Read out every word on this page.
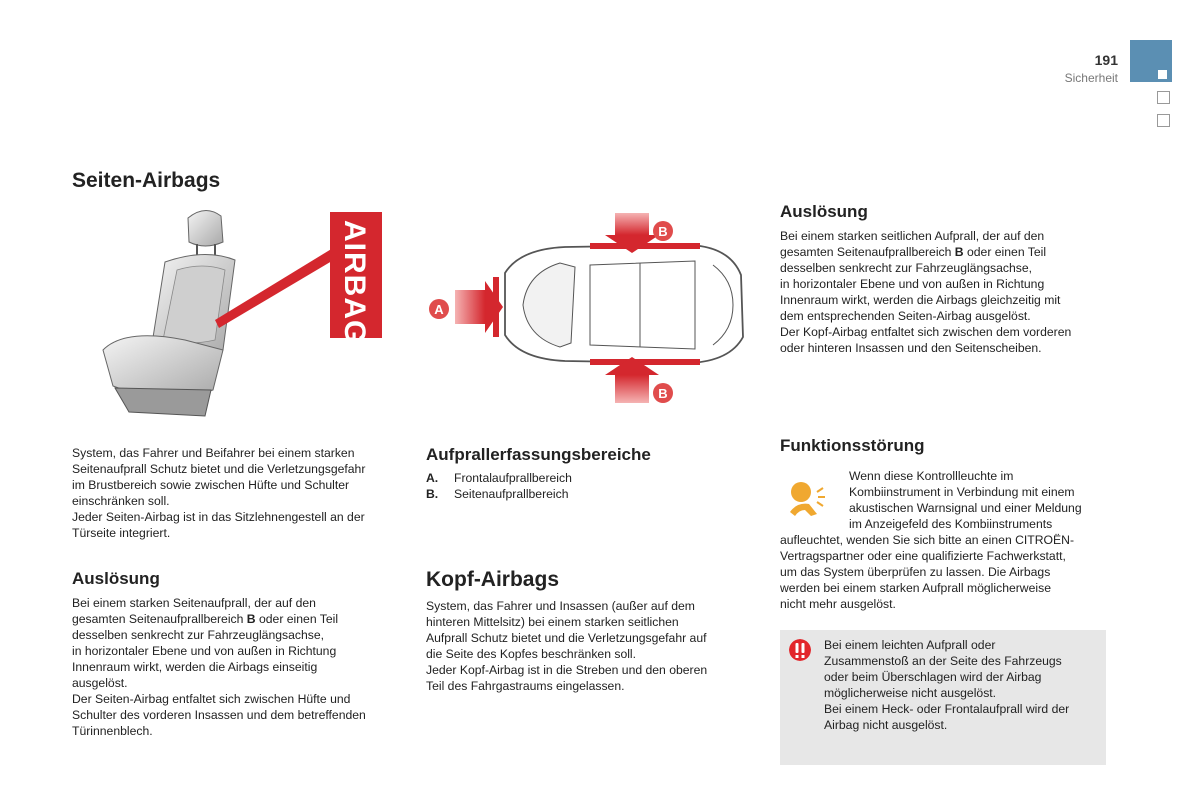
191
Sicherheit
Seiten-Airbags
AIRBAG	A
B
B

System, das Fahrer und Beifahrer bei einem starken

Seitenaufprall Schutz bietet und die Verletzungsgefahr

im Brustbereich sowie zwischen Hüfte und Schulter

einschränken soll.

Jeder Seiten-Airbag ist in das Sitzlehnengestell an der

Türseite integriert.

Auslösung

Bei einem starken Seitenaufprall, der auf den

gesamten Seitenaufprallbereich B oder einen Teil

desselben senkrecht zur Fahrzeuglängsachse,

in horizontaler Ebene und von außen in Richtung

Innenraum wirkt, werden die Airbags einseitig

ausgelöst.

Der Seiten-Airbag entfaltet sich zwischen Hüfte und

Schulter des vorderen Insassen und dem betreffenden

Türinnenblech.

Aufprallerfassungsbereiche
A.	Frontalaufprallbereich
B.	Seitenaufprallbereich
Kopf-Airbags

System, das Fahrer und Insassen (außer auf dem

hinteren Mittelsitz) bei einem starken seitlichen

Aufprall Schutz bietet und die Verletzungsgefahr auf

die Seite des Kopfes beschränken soll.

Jeder Kopf-Airbag ist in die Streben und den oberen

Teil des Fahrgastraums eingelassen.

Auslösung

Bei einem starken seitlichen Aufprall, der auf den

gesamten Seitenaufprallbereich B oder einen Teil

desselben senkrecht zur Fahrzeuglängsachse,

in horizontaler Ebene und von außen in Richtung

Innenraum wirkt, werden die Airbags gleichzeitig mit

dem entsprechenden Seiten-Airbag ausgelöst.

Der Kopf-Airbag entfaltet sich zwischen dem vorderen

oder hinteren Insassen und den Seitenscheiben.

Funktionsstörung

Wenn diese Kontrollleuchte im

Kombiinstrument in Verbindung mit einem

akustischen Warnsignal und einer Meldung

im Anzeigefeld des Kombiinstruments

aufleuchtet, wenden Sie sich bitte an einen CITROËN-

Vertragspartner oder eine qualifizierte Fachwerkstatt,

um das System überprüfen zu lassen. Die Airbags

werden bei einem starken Aufprall möglicherweise

nicht mehr ausgelöst.

Bei einem leichten Aufprall oder

Zusammenstoß an der Seite des Fahrzeugs

oder beim Überschlagen wird der Airbag

möglicherweise nicht ausgelöst.

Bei einem Heck- oder Frontalaufprall wird der

Airbag nicht ausgelöst.
